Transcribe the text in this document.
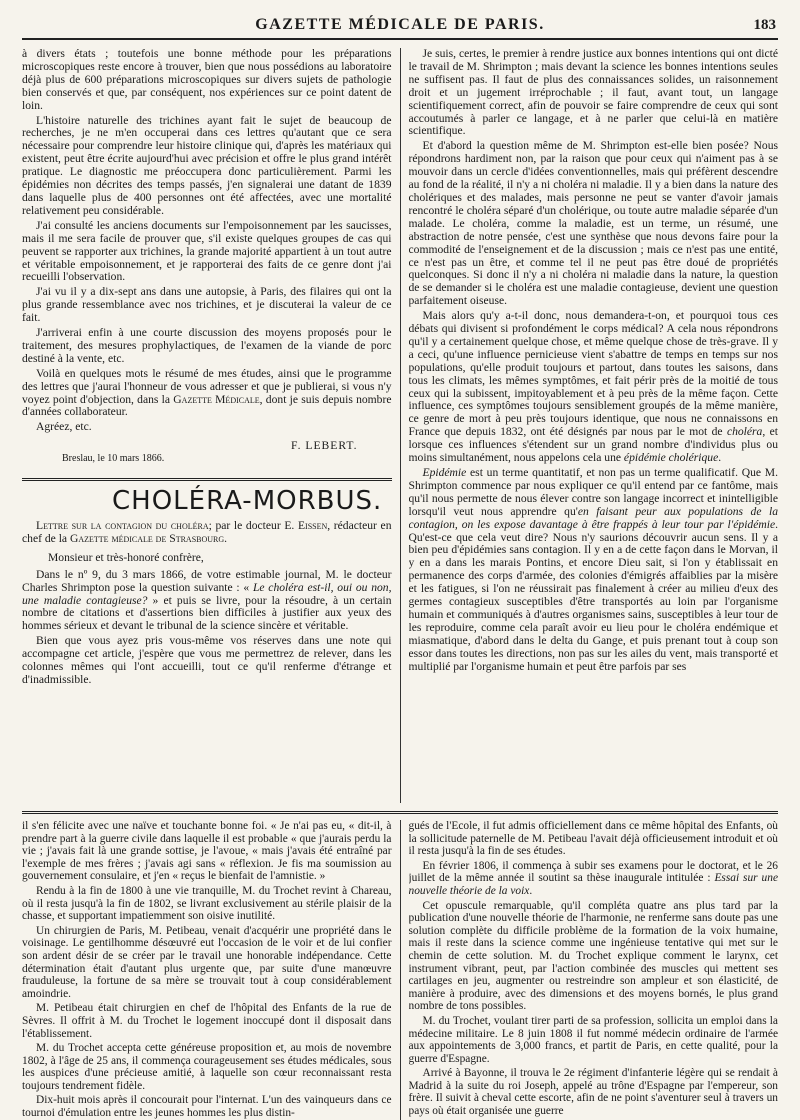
GAZETTE MÉDICALE DE PARIS.	183

à divers états ; toutefois une bonne méthode pour les préparations microscopiques reste encore à trouver, bien que nous possédions au laboratoire déjà plus de 600 préparations microscopiques sur divers sujets de pathologie bien conservés et que, par conséquent, nos expériences sur ce point datent de loin.

L'histoire naturelle des trichines ayant fait le sujet de beaucoup de recherches, je ne m'en occuperai dans ces lettres qu'autant que ce sera nécessaire pour comprendre leur histoire clinique qui, d'après les matériaux qui existent, peut être écrite aujourd'hui avec précision et offre le plus grand intérêt pratique. Le diagnostic me préoccupera donc particulièrement. Parmi les épidémies non décrites des temps passés, j'en signalerai une datant de 1839 dans laquelle plus de 400 personnes ont été affectées, avec une mortalité relativement peu considérable.

J'ai consulté les anciens documents sur l'empoisonnement par les saucisses, mais il me sera facile de prouver que, s'il existe quelques groupes de cas qui peuvent se rapporter aux trichines, la grande majorité appartient à un tout autre et véritable empoisonnement, et je rapporterai des faits de ce genre dont j'ai recueilli l'observation.

J'ai vu il y a dix-sept ans dans une autopsie, à Paris, des filaires qui ont la plus grande ressemblance avec nos trichines, et je discuterai la valeur de ce fait.

J'arriverai enfin à une courte discussion des moyens proposés pour le traitement, des mesures prophylactiques, de l'examen de la viande de porc destiné à la vente, etc.

Voilà en quelques mots le résumé de mes études, ainsi que le programme des lettres que j'aurai l'honneur de vous adresser et que je publierai, si vous n'y voyez point d'objection, dans la Gazette Médicale, dont je suis depuis nombre d'années collaborateur.

Agréez, etc.

F. LEBERT.
Breslau, le 10 mars 1866.
CHOLÉRA-MORBUS.
Lettre sur la contagion du choléra; par le docteur E. Eissen, rédacteur en chef de la Gazette médicale de Strasbourg.

Monsieur et très-honoré confrère,

Dans le nº 9, du 3 mars 1866, de votre estimable journal, M. le docteur Charles Shrimpton pose la question suivante : « Le choléra est-il, oui ou non, une maladie contagieuse? » et puis se livre, pour la résoudre, à un certain nombre de citations et d'assertions bien difficiles à justifier aux yeux des hommes sérieux et devant le tribunal de la science sincère et véritable.

Bien que vous ayez pris vous-même vos réserves dans une note qui accompagne cet article, j'espère que vous me permettrez de relever, dans les colonnes mêmes qui l'ont accueilli, tout ce qu'il renferme d'étrange et d'inadmissible.

Je suis, certes, le premier à rendre justice aux bonnes intentions qui ont dicté le travail de M. Shrimpton ; mais devant la science les bonnes intentions seules ne suffisent pas. Il faut de plus des connaissances solides, un raisonnement droit et un jugement irréprochable ; il faut, avant tout, un langage scientifiquement correct, afin de pouvoir se faire comprendre de ceux qui sont accoutumés à parler ce langage, et à ne parler que celui-là en matière scientifique.

Et d'abord la question même de M. Shrimpton est-elle bien posée? Nous répondrons hardiment non, par la raison que pour ceux qui n'aiment pas à se mouvoir dans un cercle d'idées conventionnelles, mais qui préfèrent descendre au fond de la réalité, il n'y a ni choléra ni maladie. Il y a bien dans la nature des cholériques et des malades, mais personne ne peut se vanter d'avoir jamais rencontré le choléra séparé d'un cholérique, ou toute autre maladie séparée d'un malade. Le choléra, comme la maladie, est un terme, un résumé, une abstraction de notre pensée, c'est une synthèse que nous devons faire pour la commodité de l'enseignement et de la discussion ; mais ce n'est pas une entité, ce n'est pas un être, et comme tel il ne peut pas être doué de propriétés quelconques. Si donc il n'y a ni choléra ni maladie dans la nature, la question de se demander si le choléra est une maladie contagieuse, devient une question parfaitement oiseuse.

Mais alors qu'y a-t-il donc, nous demandera-t-on, et pourquoi tous ces débats qui divisent si profondément le corps médical? A cela nous répondrons qu'il y a certainement quelque chose, et même quelque chose de très-grave. Il y a ceci, qu'une influence pernicieuse vient s'abattre de temps en temps sur nos populations, qu'elle produit toujours et partout, dans toutes les saisons, dans tous les climats, les mêmes symptômes, et fait périr près de la moitié de tous ceux qui la subissent, impitoyablement et à peu près de la même façon. Cette influence, ces symptômes toujours sensiblement groupés de la même manière, ce genre de mort à peu près toujours identique, que nous ne connaissons en France que depuis 1832, ont été désignés par nous par le mot de choléra, et lorsque ces influences s'étendent sur un grand nombre d'individus plus ou moins simultanément, nous appelons cela une épidémie cholérique.

Epidémie est un terme quantitatif, et non pas un terme qualificatif. Que M. Shrimpton commence par nous expliquer ce qu'il entend par ce fantôme, mais qu'il nous permette de nous élever contre son langage incorrect et inintelligible lorsqu'il veut nous apprendre qu'en faisant peur aux populations de la contagion, on les expose davantage à être frappés à leur tour par l'épidémie. Qu'est-ce que cela veut dire? Nous n'y saurions découvrir aucun sens. Il y a bien peu d'épidémies sans contagion. Il y en a de cette façon dans le Morvan, il y en a dans les marais Pontins, et encore Dieu sait, si l'on y établissait en permanence des corps d'armée, des colonies d'émigrés affaiblies par la misère et les fatigues, si l'on ne réussirait pas finalement à créer au milieu d'eux des germes contagieux susceptibles d'être transportés au loin par l'organisme humain et communiqués à d'autres organismes sains, susceptibles à leur tour de les reproduire, comme cela paraît avoir eu lieu pour le choléra endémique et miasmatique, d'abord dans le delta du Gange, et puis prenant tout à coup son essor dans toutes les directions, non pas sur les ailes du vent, mais transporté et multiplié par l'organisme humain et peut être parfois par ses

il s'en félicite avec une naïve et touchante bonne foi. « Je n'ai pas eu, « dit-il, à prendre part à la guerre civile dans laquelle il est probable « que j'aurais perdu la vie ; j'avais fait là une grande sottise, je l'avoue, « mais j'avais été entraîné par l'exemple de mes frères ; j'avais agi sans « réflexion. Je fis ma soumission au gouvernement consulaire, et j'en « reçus le bienfait de l'amnistie. »

Rendu à la fin de 1800 à une vie tranquille, M. du Trochet revint à Chareau, où il resta jusqu'à la fin de 1802, se livrant exclusivement au stérile plaisir de la chasse, et supportant impatiemment son oisive inutilité.

Un chirurgien de Paris, M. Petibeau, venait d'acquérir une propriété dans le voisinage. Le gentilhomme désœuvré eut l'occasion de le voir et de lui confier son ardent désir de se créer par le travail une honorable indépendance. Cette détermination était d'autant plus urgente que, par suite d'une manœuvre frauduleuse, la fortune de sa mère se trouvait tout à coup considérablement amoindrie.

M. Petibeau était chirurgien en chef de l'hôpital des Enfants de la rue de Sèvres. Il offrit à M. du Trochet le logement inoccupé dont il disposait dans l'établissement.

M. du Trochet accepta cette généreuse proposition et, au mois de novembre 1802, à l'âge de 25 ans, il commença courageusement ses études médicales, sous les auspices d'une précieuse amitié, à laquelle son cœur reconnaissant resta toujours tendrement fidèle.

Dix-huit mois après il concourait pour l'internat. L'un des vainqueurs dans ce tournoi d'émulation entre les jeunes hommes les plus distin-

gués de l'Ecole, il fut admis officiellement dans ce même hôpital des Enfants, où la sollicitude paternelle de M. Petibeau l'avait déjà officieusement introduit et où il resta jusqu'à la fin de ses études.

En février 1806, il commença à subir ses examens pour le doctorat, et le 26 juillet de la même année il soutint sa thèse inaugurale intitulée : Essai sur une nouvelle théorie de la voix.

Cet opuscule remarquable, qu'il compléta quatre ans plus tard par la publication d'une nouvelle théorie de l'harmonie, ne renferme sans doute pas une solution complète du difficile problème de la formation de la voix humaine, mais il reste dans la science comme une ingénieuse tentative qui met sur le chemin de cette solution. M. du Trochet explique comment le larynx, cet instrument vibrant, peut, par l'action combinée des muscles qui mettent ses cartilages en jeu, augmenter ou restreindre son ampleur et son élasticité, de manière à produire, avec des dimensions et des moyens bornés, le plus grand nombre de tons possibles.

M. du Trochet, voulant tirer parti de sa profession, sollicita un emploi dans la médecine militaire. Le 8 juin 1808 il fut nommé médecin ordinaire de l'armée aux appointements de 3,000 francs, et partit de Paris, en cette qualité, pour la guerre d'Espagne.

Arrivé à Bayonne, il trouva le 2e régiment d'infanterie légère qui se rendait à Madrid à la suite du roi Joseph, appelé au trône d'Espagne par l'empereur, son frère. Il suivit à cheval cette escorte, afin de ne point s'aventurer seul à travers un pays où était organisée une guerre
